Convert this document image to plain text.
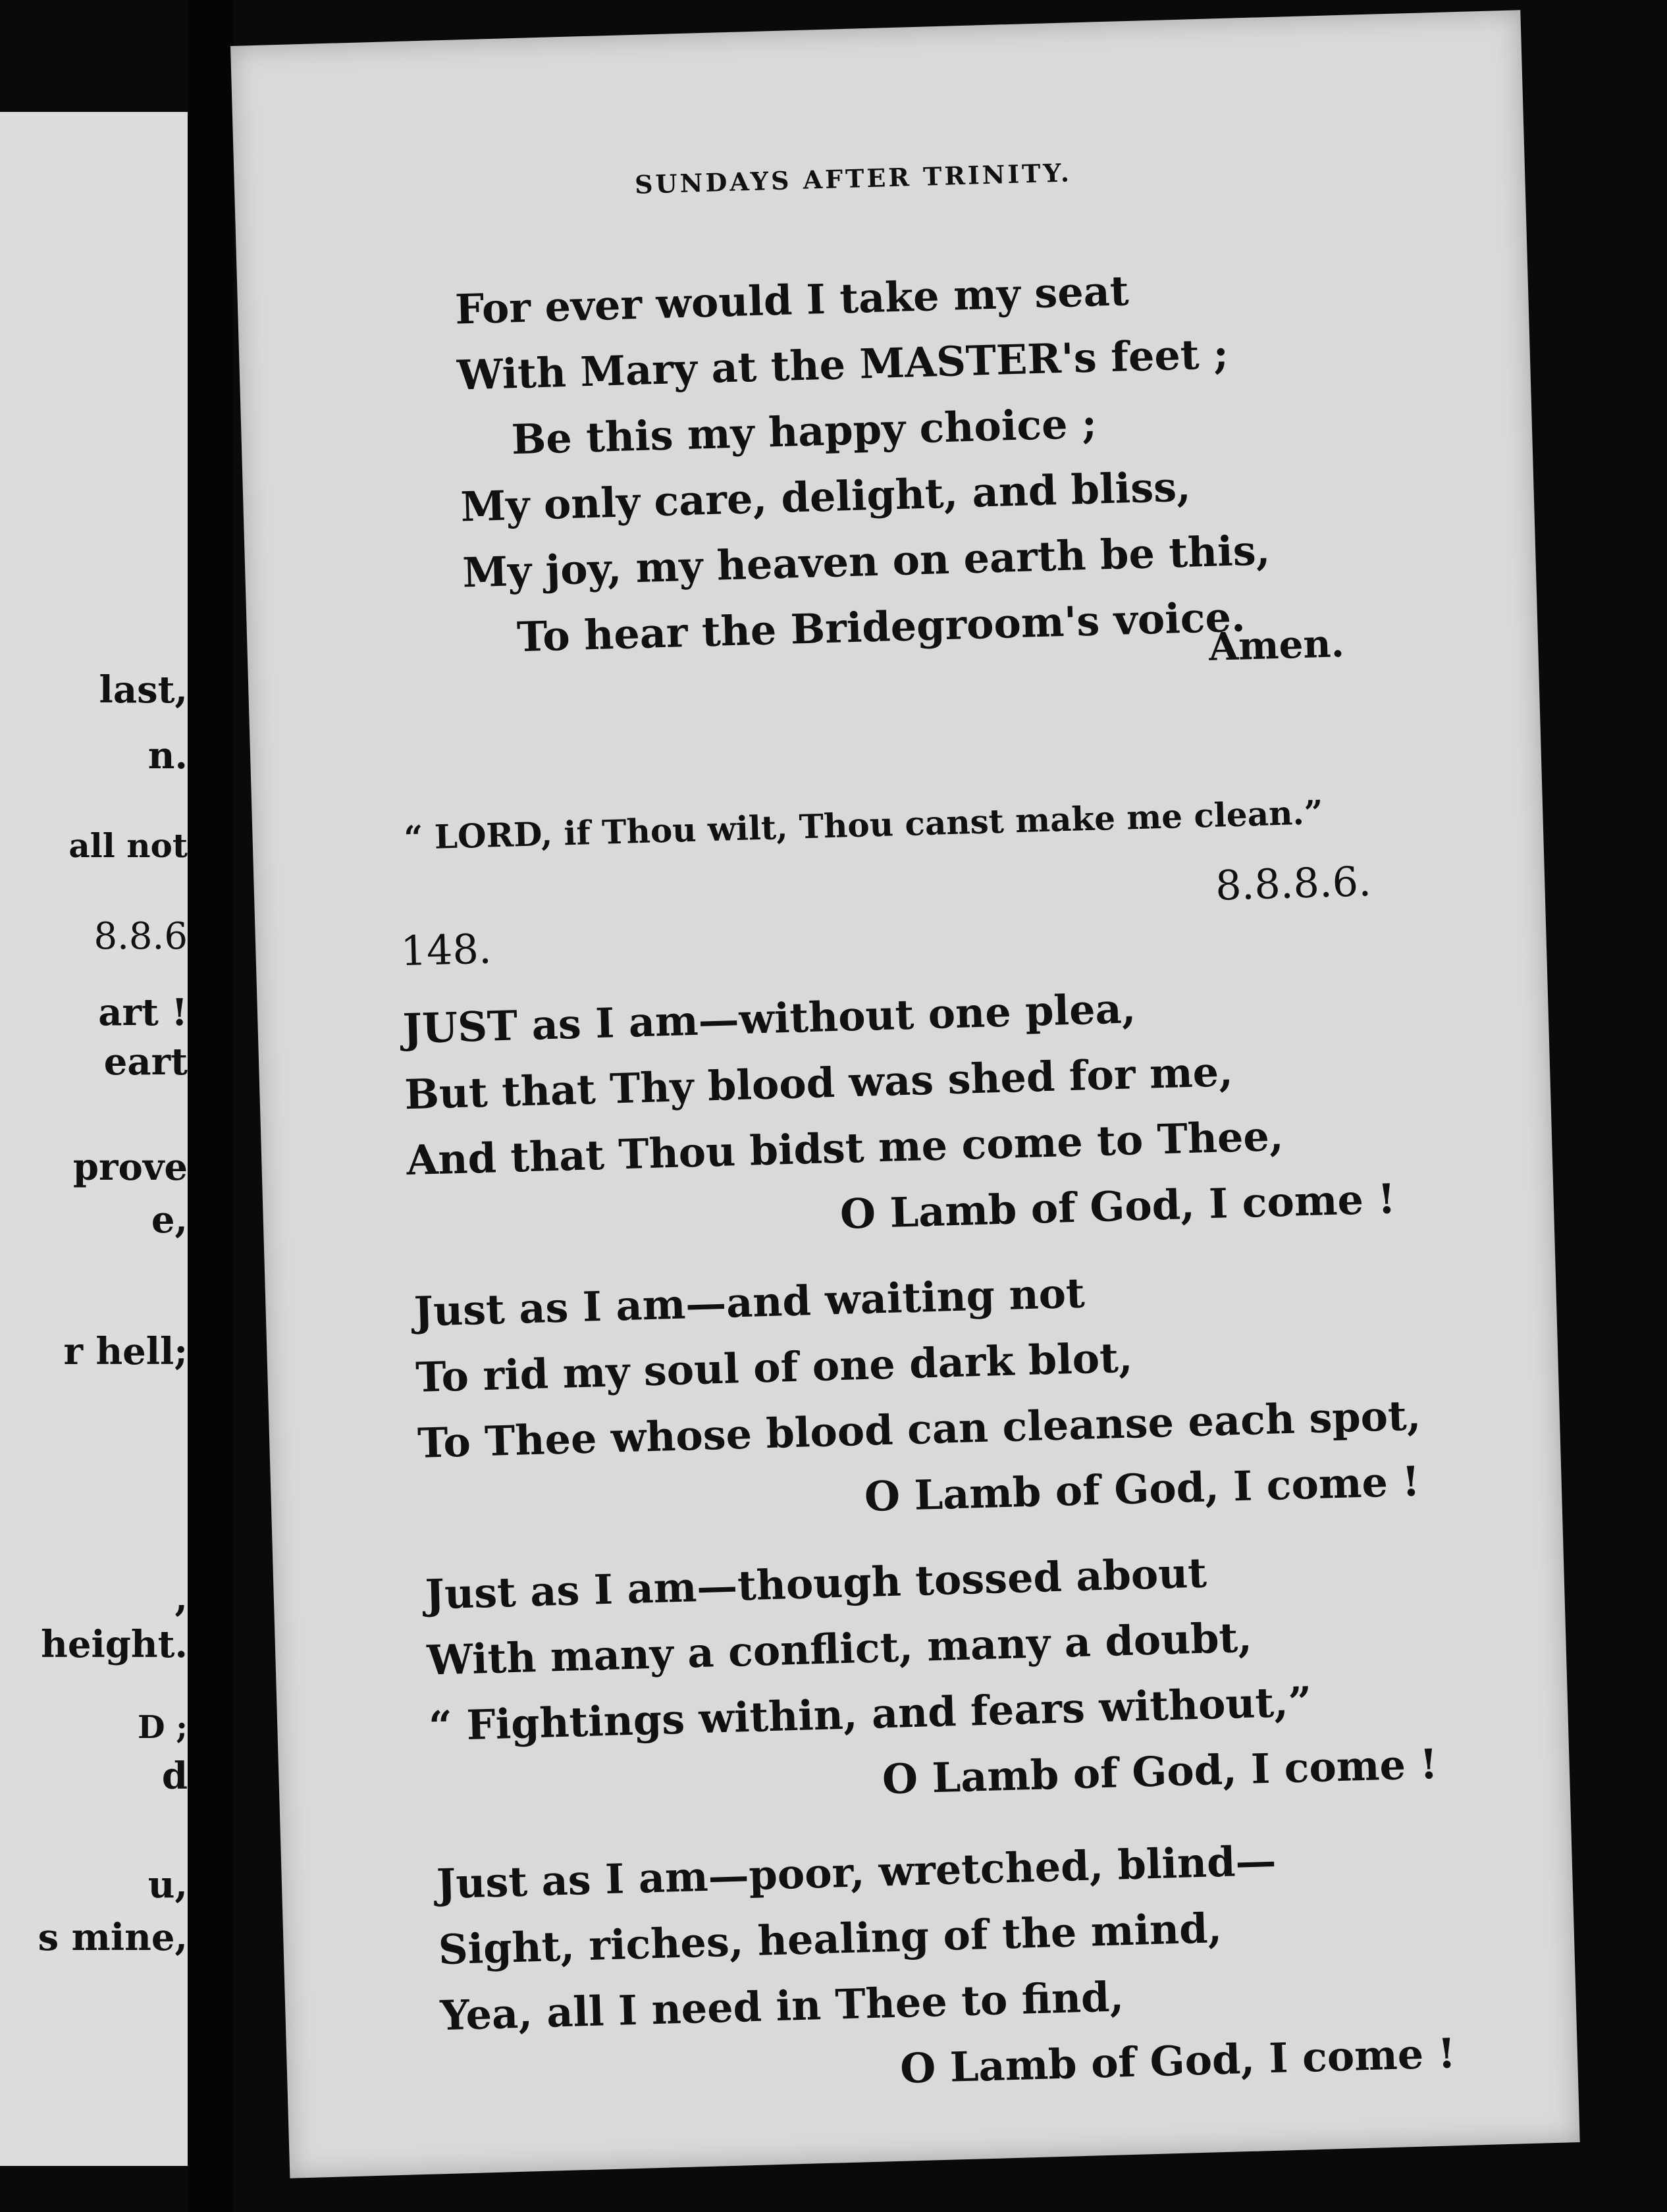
last,
n.
all not
8.8.6
art !
eart
prove
e,
r hell;
,
height.
D ;
d
u,
s mine,
SUNDAYS AFTER TRINITY.
For ever would I take my seat
With Mary at the MASTER's feet ;
Be this my happy choice ;
My only care, delight, and bliss,
My joy, my heaven on earth be this,
To hear the Bridegroom's voice.
Amen.
“ LORD, if Thou wilt, Thou canst make me clean.”
8.8.8.6.
148.
JUST as I am—without one plea,
But that Thy blood was shed for me,
And that Thou bidst me come to Thee,
O Lamb of God, I come !
Just as I am—and waiting not
To rid my soul of one dark blot,
To Thee whose blood can cleanse each spot,
O Lamb of God, I come !
Just as I am—though tossed about
With many a conflict, many a doubt,
“ Fightings within, and fears without,”
O Lamb of God, I come !
Just as I am—poor, wretched, blind—
Sight, riches, healing of the mind,
Yea, all I need in Thee to find,
O Lamb of God, I come !
